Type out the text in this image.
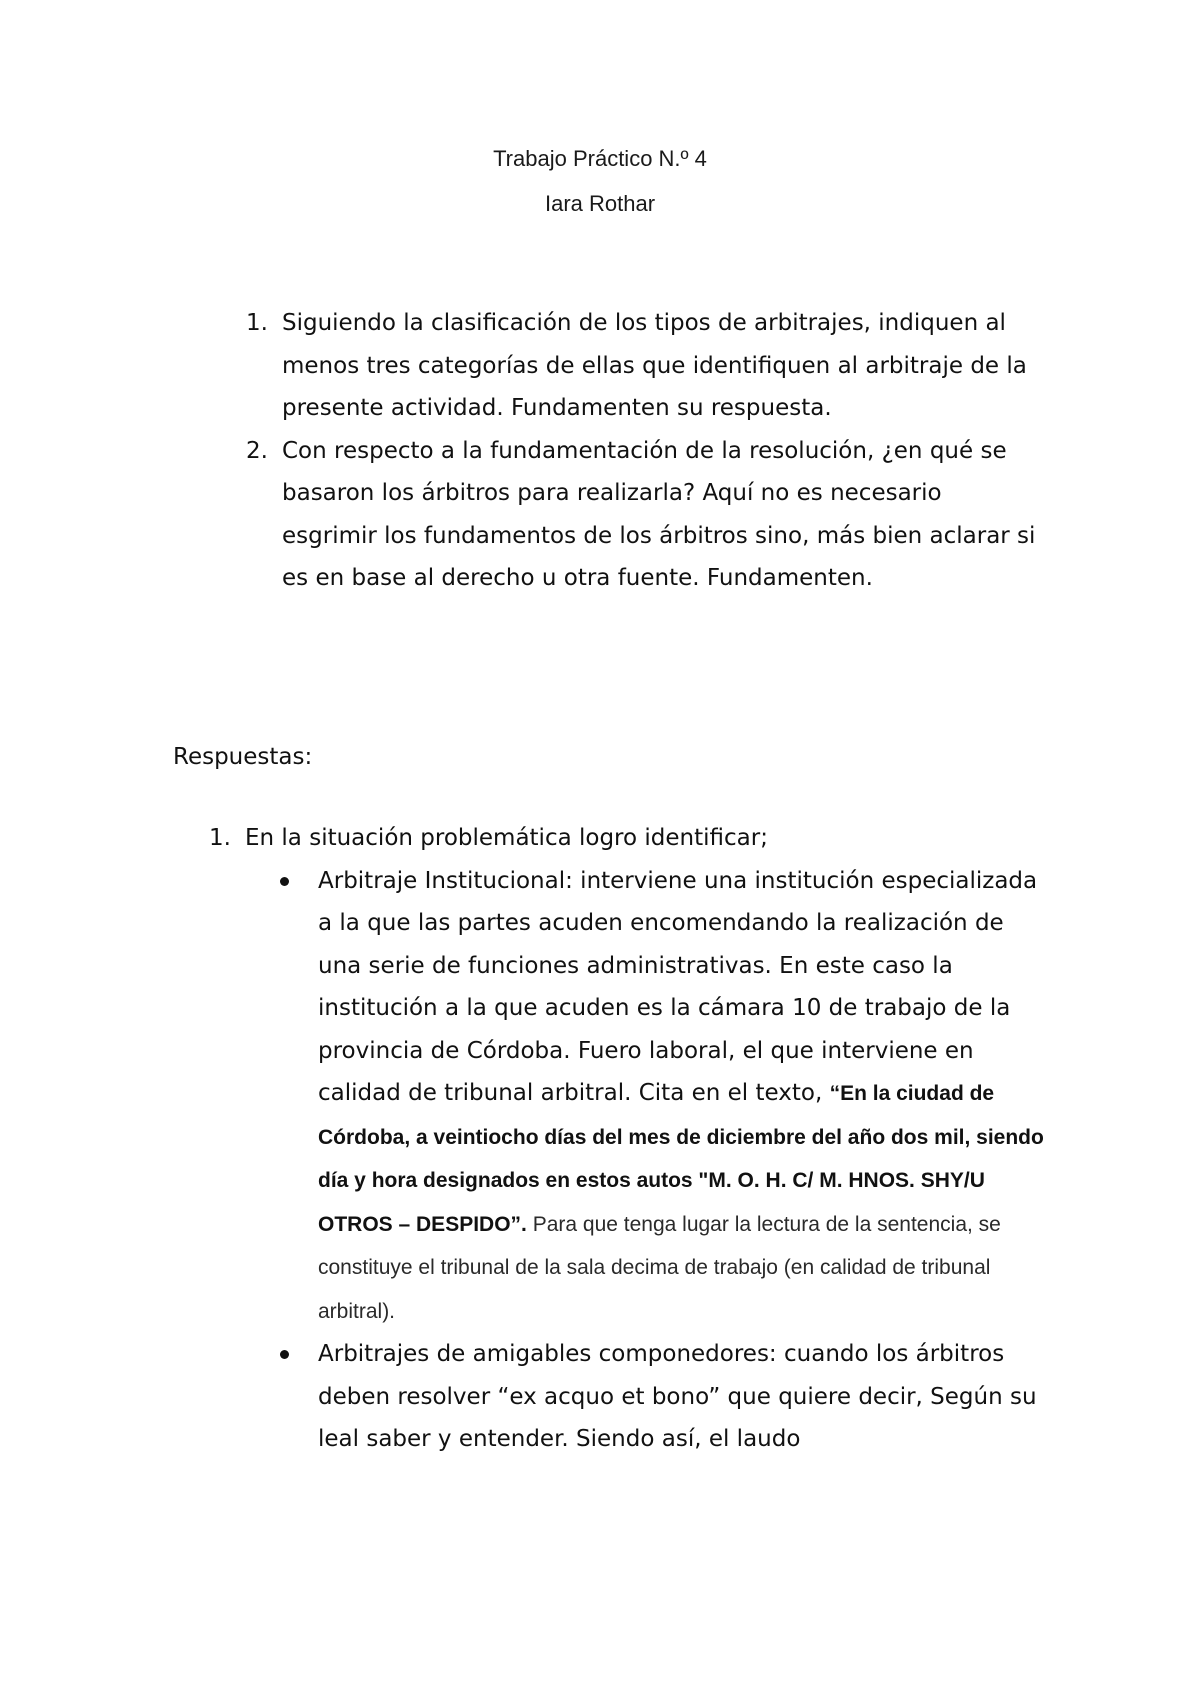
Trabajo Práctico N.º 4
Iara Rothar
1. Siguiendo la clasificación de los tipos de arbitrajes, indiquen al menos tres categorías de ellas que identifiquen al arbitraje de la presente actividad. Fundamenten su respuesta.
2. Con respecto a la fundamentación de la resolución, ¿en qué se basaron los árbitros para realizarla? Aquí no es necesario esgrimir los fundamentos de los árbitros sino, más bien aclarar si es en base al derecho u otra fuente. Fundamenten.
Respuestas:
1. En la situación problemática logro identificar;
Arbitraje Institucional: interviene una institución especializada a la que las partes acuden encomendando la realización de una serie de funciones administrativas. En este caso la institución a la que acuden es la cámara 10 de trabajo de la provincia de Córdoba. Fuero laboral, el que interviene en calidad de tribunal arbitral. Cita en el texto, “En la ciudad de Córdoba, a veintiocho días del mes de diciembre del año dos mil, siendo día y hora designados en estos autos "M. O. H. C/ M. HNOS. SHY/U OTROS – DESPIDO”. Para que tenga lugar la lectura de la sentencia, se constituye el tribunal de la sala decima de trabajo (en calidad de tribunal arbitral).
Arbitrajes de amigables componedores: cuando los árbitros deben resolver “ex acquo et bono” que quiere decir, Según su leal saber y entender. Siendo así, el laudo
